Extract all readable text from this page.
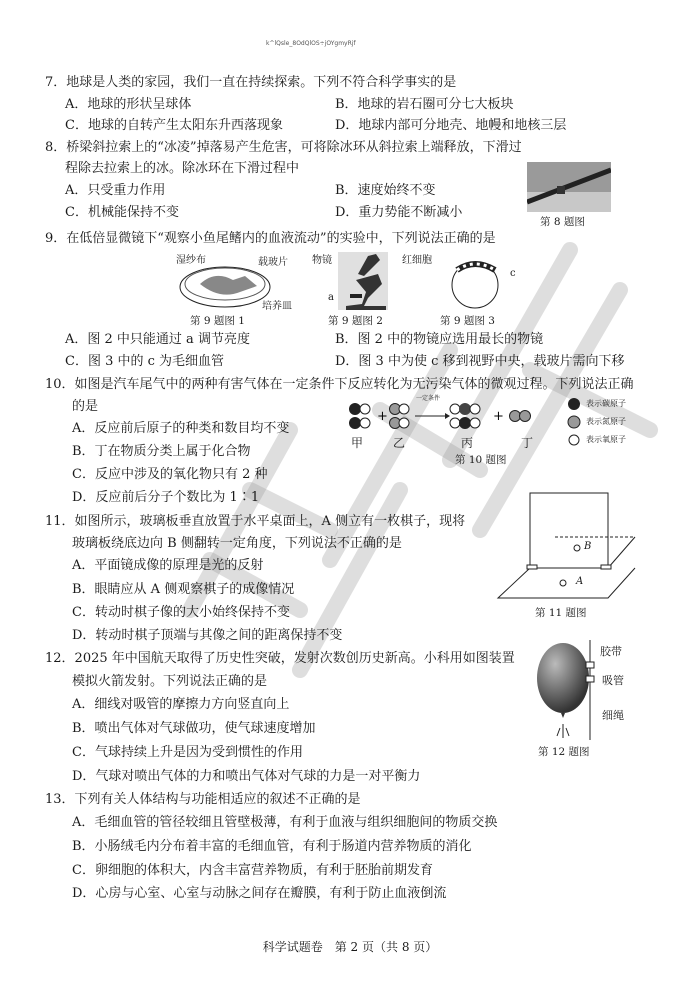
k^lQsle_8OdQlOS÷jOYgmyRjf
7．地球是人类的家园，我们一直在持续探索。下列不符合科学事实的是
A．地球的形状呈球体	B．地球的岩石圈可分七大板块
C．地球的自转产生太阳东升西落现象	D．地球内部可分地壳、地幔和地核三层
8．桥梁斜拉索上的“冰凌”掉落易产生危害，可将除冰环从斜拉索上端释放，下滑过
程除去拉索上的冰。除冰环在下滑过程中
A．只受重力作用	B．速度始终不变
C．机械能保持不变	D．重力势能不断减小
第 8 题图
9．在低倍显微镜下“观察小鱼尾鳍内的血液流动”的实验中，下列说法正确的是
湿纱布	载玻片
培养皿
第 9 题图 1
物镜
a
第 9 题图 2
红细胞
c
第 9 题图 3
A．图 2 中只能通过 a 调节亮度	B．图 2 中的物镜应选用最长的物镜
C．图 3 中的 c 为毛细血管	D．图 3 中为使 c 移到视野中央，载玻片需向下移
10．如图是汽车尾气中的两种有害气体在一定条件下反应转化为无污染气体的微观过程。下列说法正确
的是
A．反应前后原子的种类和数目均不变
B．丁在物质分类上属于化合物
C．反应中涉及的氧化物只有 2 种
D．反应前后分子个数比为 1∶1
+	+
一定条件
甲 乙	丙	丁
第 10 题图
表示碳原子
表示氮原子
表示氧原子
11．如图所示，玻璃板垂直放置于水平桌面上，A 侧立有一枚棋子，现将
玻璃板绕底边向 B 侧翻转一定角度，下列说法不正确的是
A．平面镜成像的原理是光的反射
B．眼睛应从 A 侧观察棋子的成像情况
C．转动时棋子像的大小始终保持不变
D．转动时棋子顶端与其像之间的距离保持不变
A
B
第 11 题图
12．2025 年中国航天取得了历史性突破，发射次数创历史新高。小科用如图装置
模拟火箭发射。下列说法正确的是
A．细线对吸管的摩擦力方向竖直向上
B．喷出气体对气球做功，使气球速度增加
C．气球持续上升是因为受到惯性的作用
D．气球对喷出气体的力和喷出气体对气球的力是一对平衡力
胶带
吸管
细绳
第 12 题图
13．下列有关人体结构与功能相适应的叙述不正确的是
A．毛细血管的管径较细且管壁极薄，有利于血液与组织细胞间的物质交换
B．小肠绒毛内分布着丰富的毛细血管，有利于肠道内营养物质的消化
C．卵细胞的体积大，内含丰富营养物质，有利于胚胎前期发育
D．心房与心室、心室与动脉之间存在瓣膜，有利于防止血液倒流
科学试题卷　第 2 页（共 8 页）
